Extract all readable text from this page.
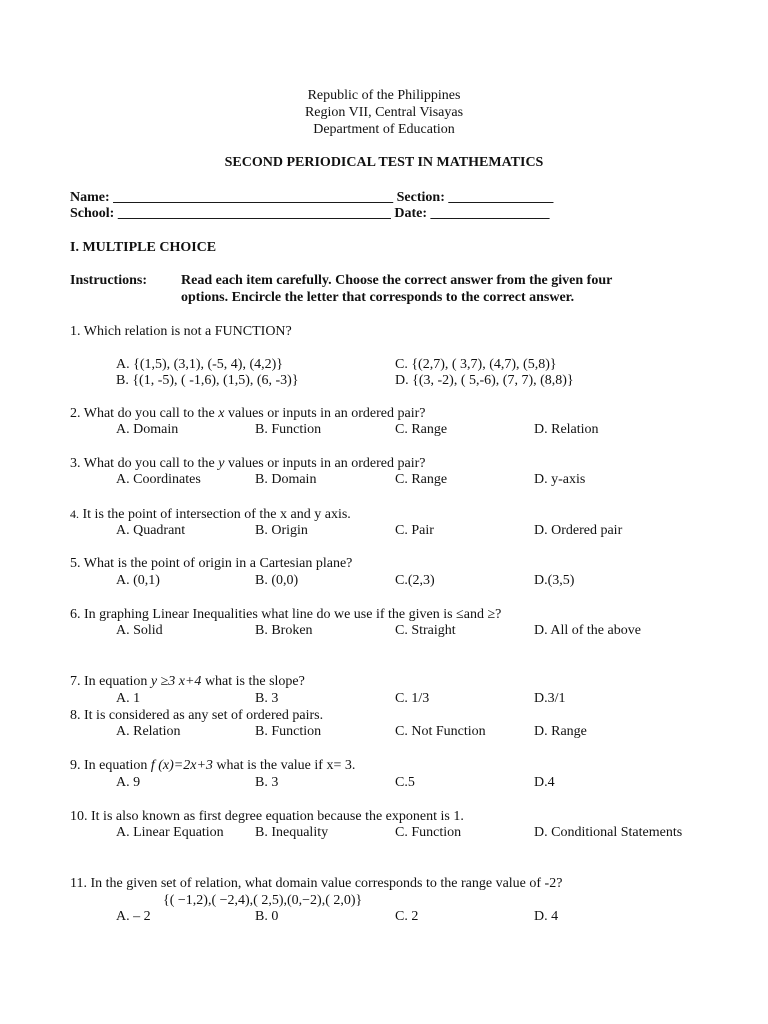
Republic of the Philippines
Region VII, Central Visayas
Department of Education
SECOND PERIODICAL TEST IN MATHEMATICS
Name: ________________________________________ Section: _______________
School: _______________________________________ Date: _________________
I. MULTIPLE CHOICE
Instructions: Read each item carefully. Choose the correct answer from the given four
options. Encircle the letter that corresponds to the correct answer.
1. Which relation is not a FUNCTION?
A. {(1,5), (3,1), (-5, 4), (4,2)}
B. {(1, -5), ( -1,6), (1,5), (6, -3)}
C. {(2,7), ( 3,7), (4,7), (5,8)}
D. {(3, -2), ( 5,-6), (7, 7), (8,8)}
2. What do you call to the x values or inputs in an ordered pair?
A. Domain	B. Function	C. Range	D. Relation
3. What do you call to the y values or inputs in an ordered pair?
A. Coordinates	B. Domain	C. Range	D. y-axis
4. It is the point of intersection of the x and y axis.
A. Quadrant	B. Origin	C. Pair	D. Ordered pair
5. What is the point of origin in a Cartesian plane?
A. (0,1)	B. (0,0)	C.(2,3)	D.(3,5)
6. In graphing Linear Inequalities what line do we use if the given is ≤and ≥?
A. Solid	B. Broken	C. Straight	D. All of the above
7. In equation y ≥3 x+4 what is the slope?
A. 1	B. 3	C. 1/3	D.3/1
8. It is considered as any set of ordered pairs.
A. Relation	B. Function	C. Not Function	D. Range
9. In equation f (x)=2x+3 what is the value if x= 3.
A. 9	B. 3	C.5	D.4
10. It is also known as first degree equation because the exponent is 1.
A. Linear Equation B. Inequality	C. Function	D. Conditional Statements
11. In the given set of relation, what domain value corresponds to the range value of -2?
{( −1,2),( −2,4),( 2,5),(0,−2),( 2,0)}
A. – 2	B. 0	C. 2	D. 4
